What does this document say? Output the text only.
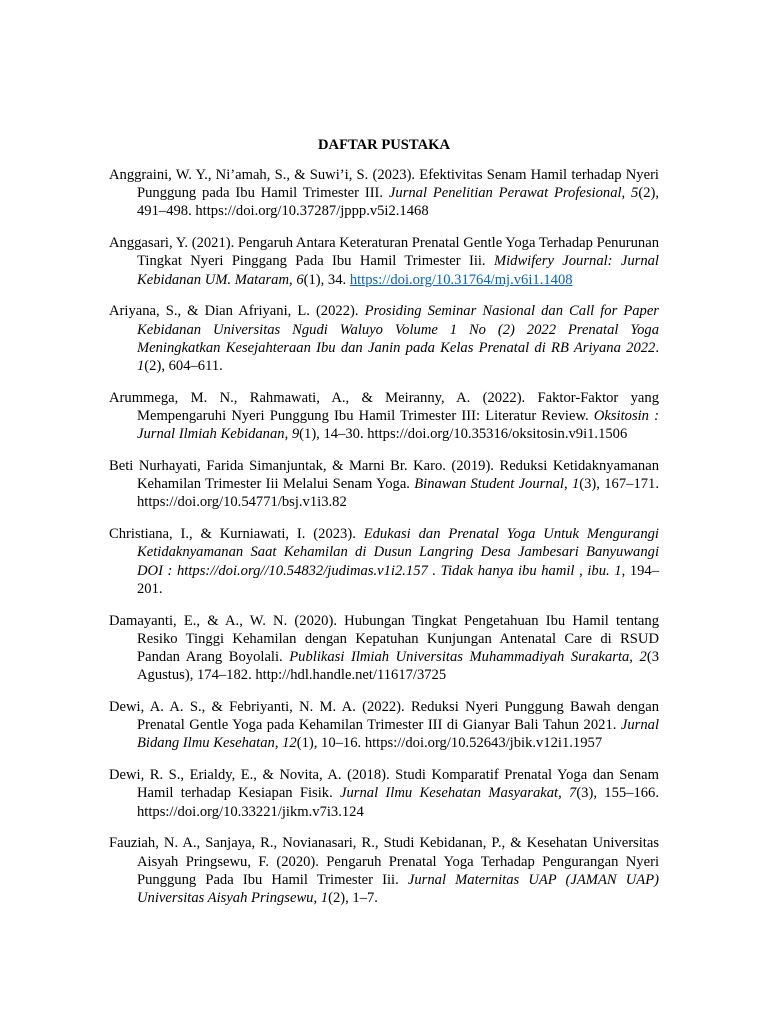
DAFTAR PUSTAKA

Anggraini, W. Y., Ni’amah, S., & Suwi’i, S. (2023). Efektivitas Senam Hamil terhadap Nyeri Punggung pada Ibu Hamil Trimester III. Jurnal Penelitian Perawat Profesional, 5(2), 491–498. https://doi.org/10.37287/jppp.v5i2.1468

Anggasari, Y. (2021). Pengaruh Antara Keteraturan Prenatal Gentle Yoga Terhadap Penurunan Tingkat Nyeri Pinggang Pada Ibu Hamil Trimester Iii. Midwifery Journal: Jurnal Kebidanan UM. Mataram, 6(1), 34. https://doi.org/10.31764/mj.v6i1.1408

Ariyana, S., & Dian Afriyani, L. (2022). Prosiding Seminar Nasional dan Call for Paper Kebidanan Universitas Ngudi Waluyo Volume 1 No (2) 2022 Prenatal Yoga Meningkatkan Kesejahteraan Ibu dan Janin pada Kelas Prenatal di RB Ariyana 2022. 1(2), 604–611.

Arummega, M. N., Rahmawati, A., & Meiranny, A. (2022). Faktor-Faktor yang Mempengaruhi Nyeri Punggung Ibu Hamil Trimester III: Literatur Review. Oksitosin : Jurnal Ilmiah Kebidanan, 9(1), 14–30. https://doi.org/10.35316/oksitosin.v9i1.1506

Beti Nurhayati, Farida Simanjuntak, & Marni Br. Karo. (2019). Reduksi Ketidaknyamanan Kehamilan Trimester Iii Melalui Senam Yoga. Binawan Student Journal, 1(3), 167–171. https://doi.org/10.54771/bsj.v1i3.82

Christiana, I., & Kurniawati, I. (2023). Edukasi dan Prenatal Yoga Untuk Mengurangi Ketidaknyamanan Saat Kehamilan di Dusun Langring Desa Jambesari Banyuwangi DOI : https://doi.org//10.54832/judimas.v1i2.157 . Tidak hanya ibu hamil , ibu. 1, 194–201.

Damayanti, E., & A., W. N. (2020). Hubungan Tingkat Pengetahuan Ibu Hamil tentang Resiko Tinggi Kehamilan dengan Kepatuhan Kunjungan Antenatal Care di RSUD Pandan Arang Boyolali. Publikasi Ilmiah Universitas Muhammadiyah Surakarta, 2(3 Agustus), 174–182. http://hdl.handle.net/11617/3725

Dewi, A. A. S., & Febriyanti, N. M. A. (2022). Reduksi Nyeri Punggung Bawah dengan Prenatal Gentle Yoga pada Kehamilan Trimester III di Gianyar Bali Tahun 2021. Jurnal Bidang Ilmu Kesehatan, 12(1), 10–16. https://doi.org/10.52643/jbik.v12i1.1957

Dewi, R. S., Erialdy, E., & Novita, A. (2018). Studi Komparatif Prenatal Yoga dan Senam Hamil terhadap Kesiapan Fisik. Jurnal Ilmu Kesehatan Masyarakat, 7(3), 155–166. https://doi.org/10.33221/jikm.v7i3.124

Fauziah, N. A., Sanjaya, R., Novianasari, R., Studi Kebidanan, P., & Kesehatan Universitas Aisyah Pringsewu, F. (2020). Pengaruh Prenatal Yoga Terhadap Pengurangan Nyeri Punggung Pada Ibu Hamil Trimester Iii. Jurnal Maternitas UAP (JAMAN UAP) Universitas Aisyah Pringsewu, 1(2), 1–7.
